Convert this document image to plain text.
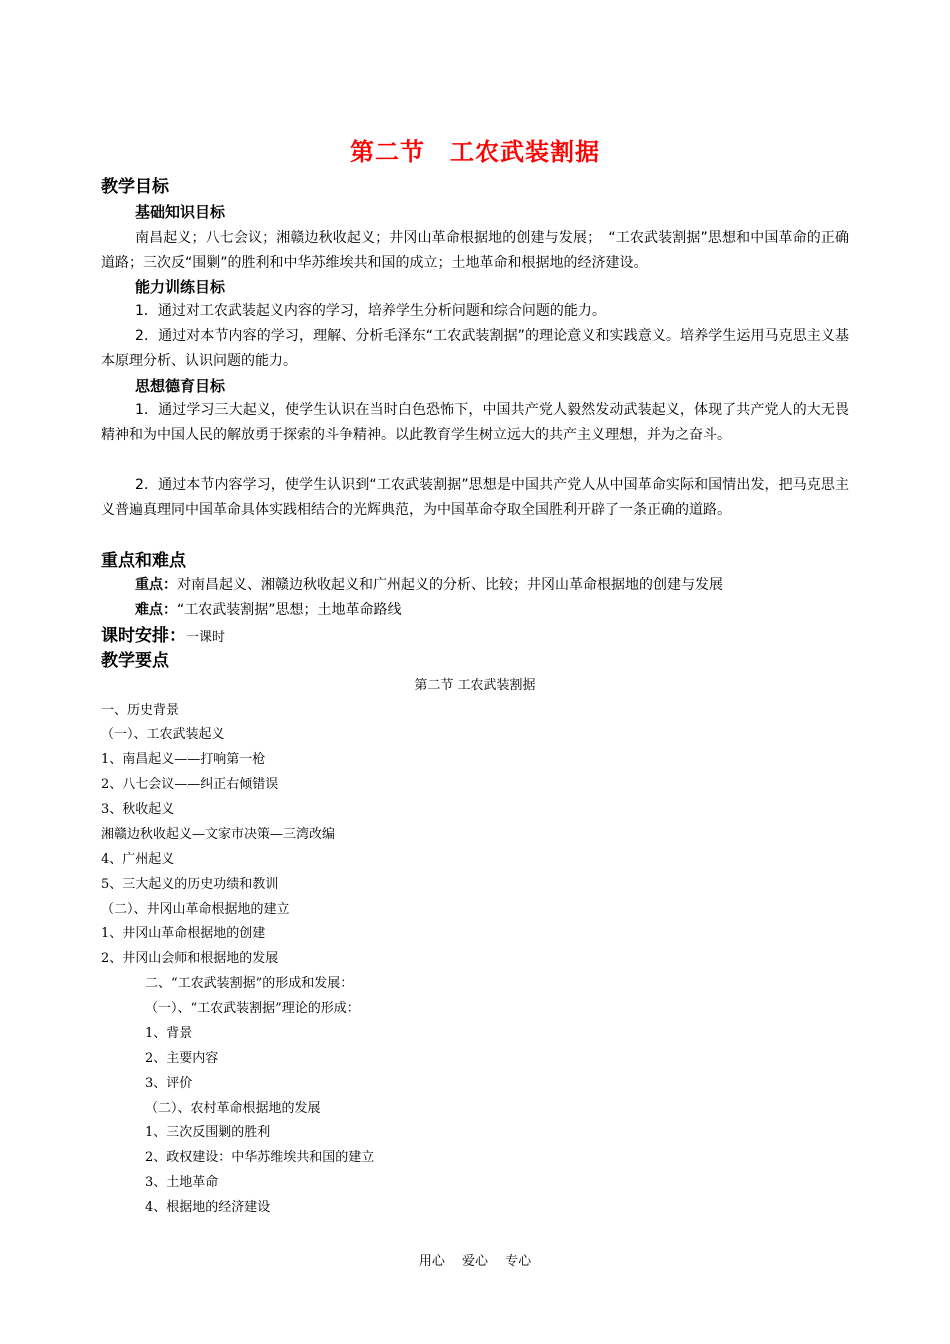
第二节　工农武装割据
教学目标
基础知识目标
南昌起义；八七会议；湘赣边秋收起义；井冈山革命根据地的创建与发展；　“工农武装割据”思想和中国革命的正确道路；三次反“围剿”的胜利和中华苏维埃共和国的成立；土地革命和根据地的经济建设。
能力训练目标
1．通过对工农武装起义内容的学习，培养学生分析问题和综合问题的能力。
2．通过对本节内容的学习，理解、分析毛泽东“工农武装割据”的理论意义和实践意义。培养学生运用马克思主义基本原理分析、认识问题的能力。
思想德育目标
1．通过学习三大起义，使学生认识在当时白色恐怖下，中国共产党人毅然发动武装起义，体现了共产党人的大无畏精神和为中国人民的解放勇于探索的斗争精神。以此教育学生树立远大的共产主义理想，并为之奋斗。
2．通过本节内容学习，使学生认识到“工农武装割据”思想是中国共产党人从中国革命实际和国情出发，把马克思主义普遍真理同中国革命具体实践相结合的光辉典范，为中国革命夺取全国胜利开辟了一条正确的道路。
重点和难点
重点：对南昌起义、湘赣边秋收起义和广州起义的分析、比较；井冈山革命根据地的创建与发展
难点：“工农武装割据”思想；土地革命路线
课时安排：一课时
教学要点
第二节 工农武装割据
一、历史背景
（一）、工农武装起义
1、南昌起义——打响第一枪
2、八七会议——纠正右倾错误
3、秋收起义
湘赣边秋收起义—文家市决策—三湾改编
4、广州起义
5、三大起义的历史功绩和教训
（二）、井冈山革命根据地的建立
1、井冈山革命根据地的创建
2、井冈山会师和根据地的发展
二、“工农武装割据”的形成和发展：
（一）、“工农武装割据”理论的形成：
1、背景
2、主要内容
3、评价
（二）、农村革命根据地的发展
1、三次反围剿的胜利
2、政权建设：中华苏维埃共和国的建立
3、土地革命
4、根据地的经济建设
用心　 爱心　 专心
